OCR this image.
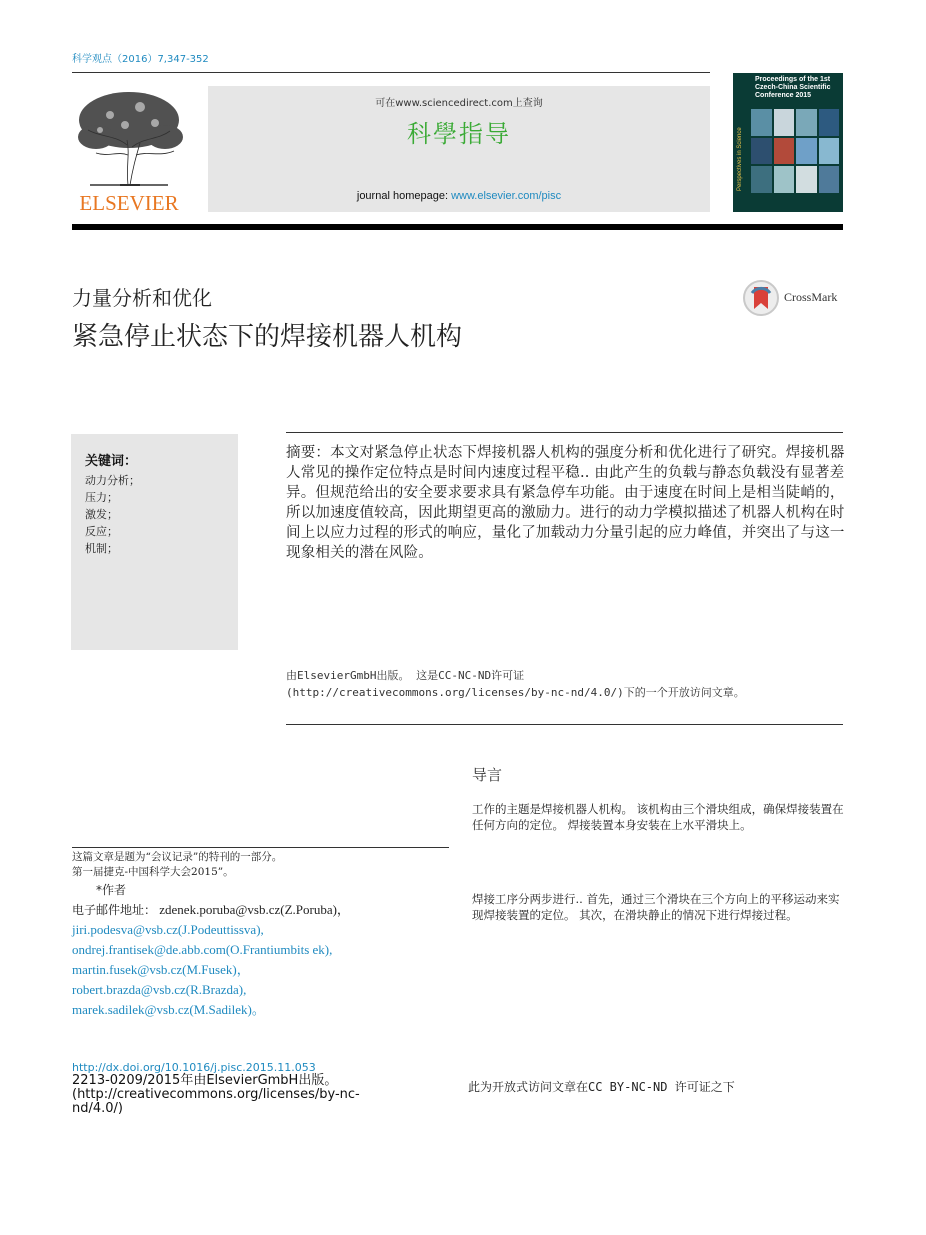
科学观点（2016）7,347-352
ELSEVIER
可在www.sciencedirect.com上查询
科學指导
journal homepage: www.elsevier.com/pisc
Proceedings of the 1st Czech-China Scientific Conference 2015
Perspectives in Science
力量分析和优化
紧急停止状态下的焊接机器人机构
CrossMark
关键词：
动力分析；
压力；
激发；
反应；
机制；
摘要：本文对紧急停止状态下焊接机器人机构的强度分析和优化进行了研究。焊接机器人常见的操作定位特点是时间内速度过程平稳.. 由此产生的负载与静态负载没有显著差异。但规范给出的安全要求要求具有紧急停车功能。由于速度在时间上是相当陡峭的，所以加速度值较高，因此期望更高的激励力。进行的动力学模拟描述了机器人机构在时间上以应力过程的形式的响应，量化了加载动力分量引起的应力峰值，并突出了与这一现象相关的潜在风险。
由ElsevierGmbH出版。 这是CC-NC-ND许可证
(http://creativecommons.org/licenses/by-nc-nd/4.0/)下的一个开放访问文章。
导言
工作的主题是焊接机器人机构。 该机构由三个滑块组成，确保焊接装置在任何方向的定位。 焊接装置本身安装在上水平滑块上。
焊接工序分两步进行.. 首先，通过三个滑块在三个方向上的平移运动来实现焊接装置的定位。 其次，在滑块静止的情况下进行焊接过程。
这篇文章是题为“会议记录”的特刊的一部分。
第一届捷克-中国科学大会2015”。
*作者
电子邮件地址： zdenek.poruba@vsb.cz(Z.Poruba)，
jiri.podesva@vsb.cz(J.Podeuttissva),
ondrej.frantisek@de.abb.com(O.Frantiumbits ek),
martin.fusek@vsb.cz(M.Fusek)，
robert.brazda@vsb.cz(R.Brazda),
marek.sadilek@vsb.cz(M.Sadilek)。
http://dx.doi.org/10.1016/j.pisc.2015.11.053
2213-0209/2015年由ElsevierGmbH出版。(http://creativecommons.org/licenses/by-nc-nd/4.0/)
此为开放式访问文章在CC BY-NC-ND 许可证之下
